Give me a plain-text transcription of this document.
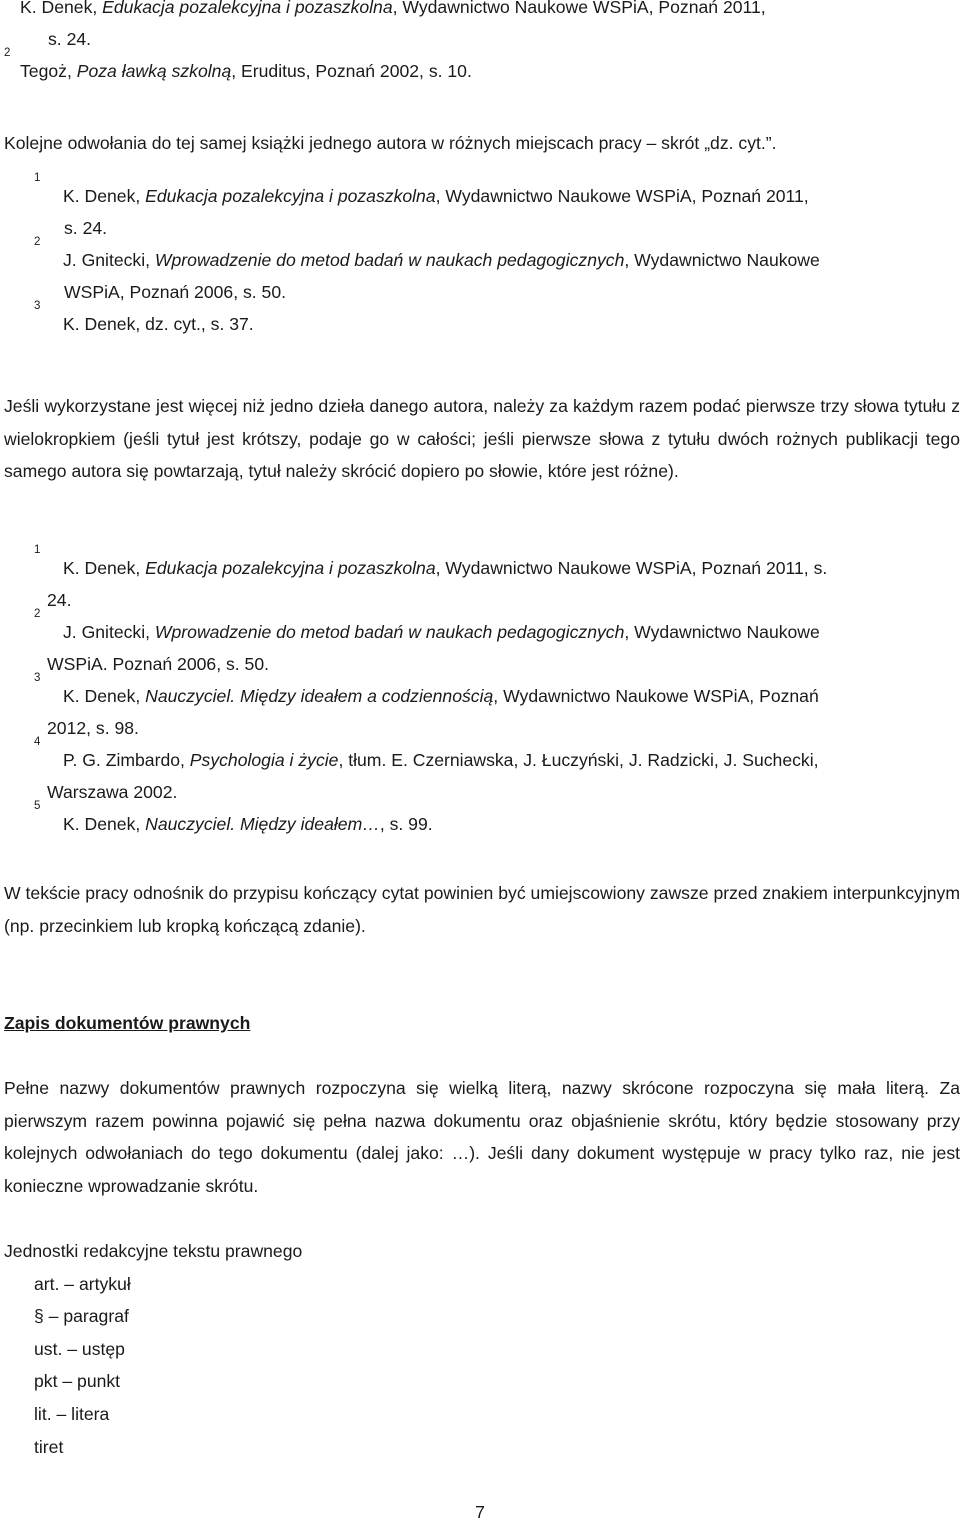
K. Denek, Edukacja pozalekcyjna i pozaszkolna, Wydawnictwo Naukowe WSPiA, Poznań 2011,
s. 24.
2
Tegoż, Poza ławką szkolną, Eruditus, Poznań 2002, s. 10.
Kolejne odwołania do tej samej książki jednego autora w różnych miejscach pracy – skrót „dz. cyt.”.
1
K. Denek, Edukacja pozalekcyjna i pozaszkolna, Wydawnictwo Naukowe WSPiA, Poznań 2011,
s. 24.
2
J. Gnitecki, Wprowadzenie do metod badań w naukach pedagogicznych, Wydawnictwo Naukowe
WSPiA, Poznań 2006, s. 50.
3
K. Denek, dz. cyt., s. 37.
Jeśli wykorzystane jest więcej niż jedno dzieła danego autora, należy za każdym razem podać pierwsze trzy słowa tytułu z wielokropkiem (jeśli tytuł jest krótszy, podaje go w całości; jeśli pierwsze słowa z tytułu dwóch rożnych publikacji tego samego autora się powtarzają, tytuł należy skrócić dopiero po słowie, które jest różne).
1
K. Denek, Edukacja pozalekcyjna i pozaszkolna, Wydawnictwo Naukowe WSPiA, Poznań 2011, s.
24.
2
J. Gnitecki, Wprowadzenie do metod badań w naukach pedagogicznych, Wydawnictwo Naukowe
WSPiA. Poznań 2006, s. 50.
3
K. Denek, Nauczyciel. Między ideałem a codziennością, Wydawnictwo Naukowe WSPiA, Poznań
2012, s. 98.
4
P. G. Zimbardo, Psychologia i życie, tłum. E. Czerniawska, J. Łuczyński, J. Radzicki, J. Suchecki,
Warszawa 2002.
5
K. Denek, Nauczyciel. Między ideałem…, s. 99.
W tekście pracy odnośnik do przypisu kończący cytat powinien być umiejscowiony zawsze przed znakiem interpunkcyjnym (np. przecinkiem lub kropką kończącą zdanie).
Zapis dokumentów prawnych
Pełne nazwy dokumentów prawnych rozpoczyna się wielką literą, nazwy skrócone rozpoczyna się mała literą. Za pierwszym razem powinna pojawić się pełna nazwa dokumentu oraz objaśnienie skrótu, który będzie stosowany przy kolejnych odwołaniach do tego dokumentu (dalej jako: …). Jeśli dany dokument występuje w pracy tylko raz, nie jest konieczne wprowadzanie skrótu.
Jednostki redakcyjne tekstu prawnego
art. – artykuł
§ – paragraf
ust. – ustęp
pkt – punkt
lit. – litera
tiret
7
